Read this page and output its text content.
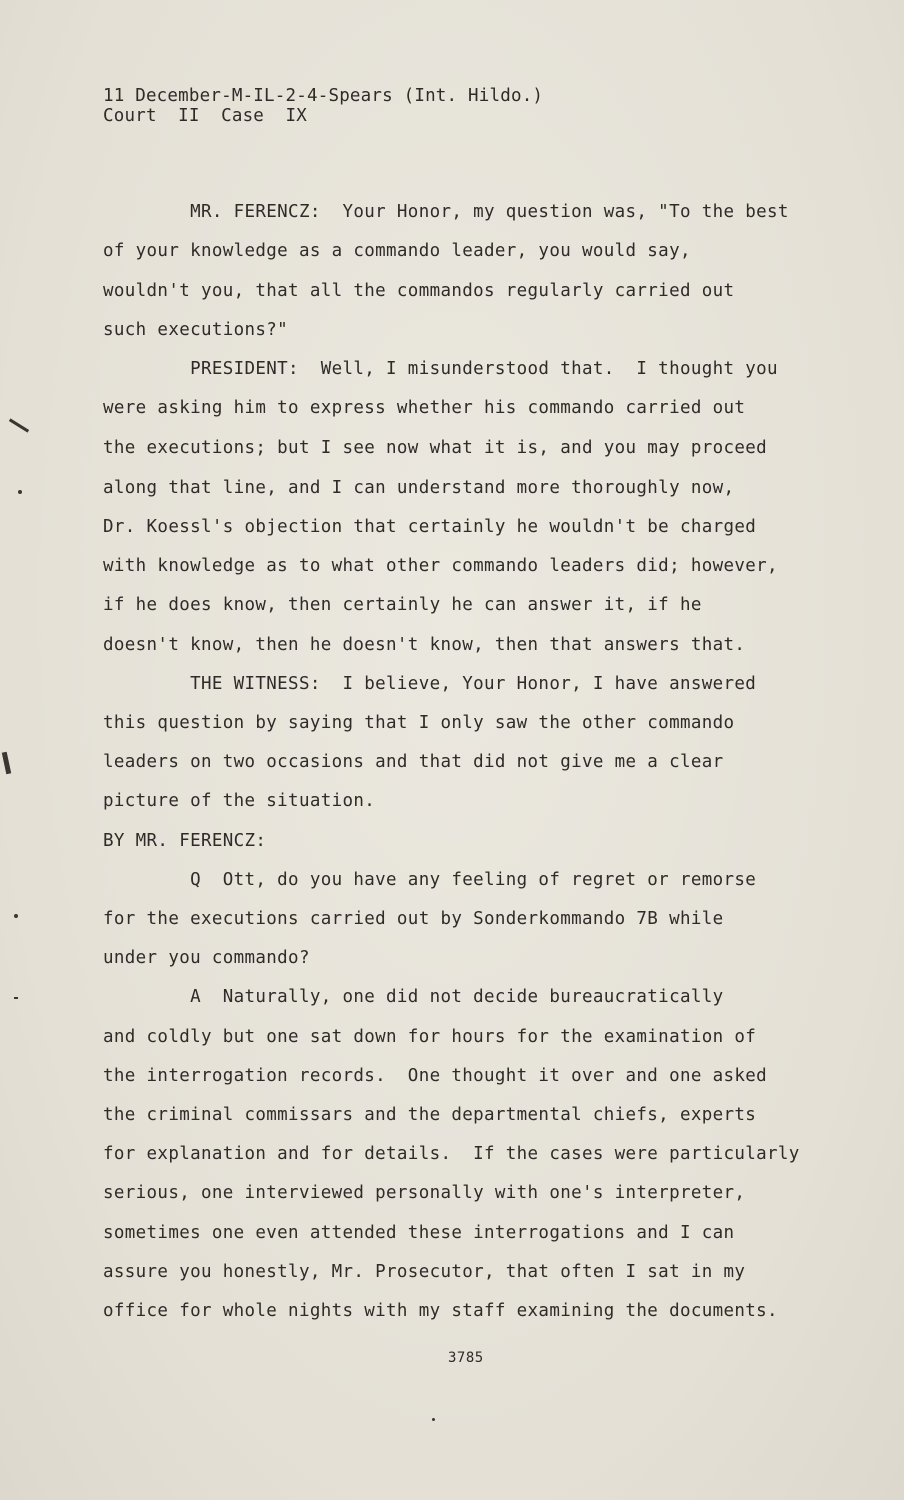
11 December-M-IL-2-4-Spears (Int. Hildo.)
Court  II  Case  IX
MR. FERENCZ:  Your Honor, my question was, "To the best
of your knowledge as a commando leader, you would say,
wouldn't you, that all the commandos regularly carried out
such executions?"
PRESIDENT:  Well, I misunderstood that.  I thought you
were asking him to express whether his commando carried out
the executions; but I see now what it is, and you may proceed
along that line, and I can understand more thoroughly now,
Dr. Koessl's objection that certainly he wouldn't be charged
with knowledge as to what other commando leaders did; however,
if he does know, then certainly he can answer it, if he
doesn't know, then he doesn't know, then that answers that.
THE WITNESS:  I believe, Your Honor, I have answered
this question by saying that I only saw the other commando
leaders on two occasions and that did not give me a clear
picture of the situation.
BY MR. FERENCZ:
Q  Ott, do you have any feeling of regret or remorse
for the executions carried out by Sonderkommando 7B while
under you commando?
A  Naturally, one did not decide bureaucratically
and coldly but one sat down for hours for the examination of
the interrogation records.  One thought it over and one asked
the criminal commissars and the departmental chiefs, experts
for explanation and for details.  If the cases were particularly
serious, one interviewed personally with one's interpreter,
sometimes one even attended these interrogations and I can
assure you honestly, Mr. Prosecutor, that often I sat in my
office for whole nights with my staff examining the documents.
3785
